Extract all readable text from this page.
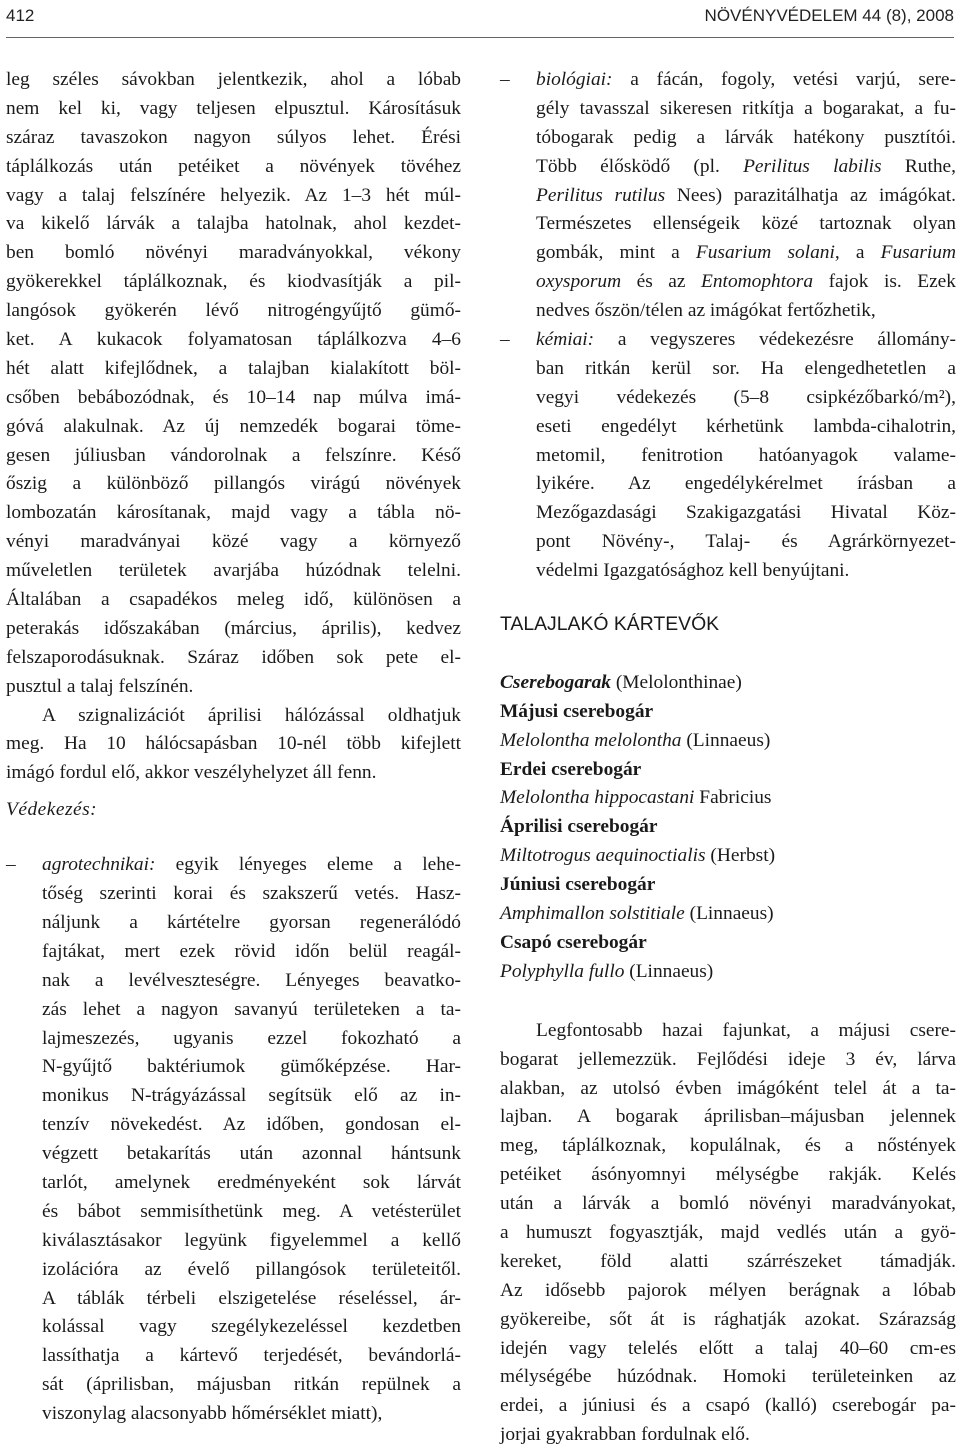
412	NÖVÉNYVÉDELEM 44 (8), 2008
leg széles sávokban jelentkezik, ahol a lóbab
nem kel ki, vagy teljesen elpusztul. Károsításuk
száraz tavaszokon nagyon súlyos lehet. Érési
táplálkozás után petéiket a növények tövéhez
vagy a talaj felszínére helyezik. Az 1–3 hét múl-
va kikelő lárvák a talajba hatolnak, ahol kezdet-
ben bomló növényi maradványokkal, vékony
gyökerekkel táplálkoznak, és kiodvasítják a pil-
langósok gyökerén lévő nitrogéngyűjtő gümő-
ket. A kukacok folyamatosan táplálkozva 4–6
hét alatt kifejlődnek, a talajban kialakított böl-
csőben bebábozódnak, és 10–14 nap múlva imá-
góvá alakulnak. Az új nemzedék bogarai tömе-
gesen júliusban vándorolnak a felszínre. Késő
őszig a különböző pillangós virágú növények
lombozatán károsítanak, majd vagy a tábla nö-
vényi maradványai közé vagy a környező
műveletlen területek avarjába húzódnak telelni.
Általában a csapadékos meleg idő, különösen a
peterakás időszakában (március, április), kedvez
felszaporodásuknak. Száraz időben sok pete el-
pusztul a talaj felszínén.
A szignalizációt áprilisi hálózással oldhatjuk
meg. Ha 10 hálócsapásban 10-nél több kifejlett
imágó fordul elő, akkor veszélyhelyzet áll fenn.
Védekezés:
–	agrotechnikai: egyik lényeges eleme a lehe-
tőség szerinti korai és szakszerű vetés. Hasz-
náljunk a kártételre gyorsan regenerálódó
fajtákat, mert ezek rövid időn belül reagál-
nak a levélveszteségre. Lényeges beavatko-
zás lehet a nagyon savanyú területeken a ta-
lajmeszezés, ugyanis ezzel fokozható a
N-gyűjtő baktériumok gümőképzése. Har-
monikus N-trágyázással segítsük elő az in-
tenzív növekedést. Az időben, gondosan el-
végzett betakarítás után azonnal hántsunk
tarlót, amelynek eredményeként sok lárvát
és bábot semmisíthetünk meg. A vetésterület
kiválasztásakor legyünk figyelemmel a kellő
izolációra az évelő pillangósok területeitől.
A táblák térbeli elszigetelése réseléssel, ár-
kolással vagy szegélykezeléssel kezdetben
lassíthatja a kártevő terjedését, bevándorlá-
sát (áprilisban, májusban ritkán repülnek a
viszonylag alacsonyabb hőmérséklet miatt),
–	biológiai: a fácán, fogoly, vetési varjú, sere-
gély tavasszal sikeresen ritkítja a bogarakat, a fu-
tóbogarak pedig a lárvák hatékony pusztítói.
Több élősködő (pl. Perilitus labilis Ruthe,
Perilitus rutilus Nees) parazitálhatja az imágókat.
Természetes ellenségeik közé tartoznak olyan
gombák, mint a Fusarium solani, a Fusarium
oxysporum és az Entomophtora fajok is. Ezek
nedves őszön/télen az imágókat fertőzhetik,
–	kémiai: a vegyszeres védekezésre állomány-
ban ritkán kerül sor. Ha elengedhetetlen a
vegyi védekezés (5–8 csipkézőbarkó/m²),
eseti engedélyt kérhetünk lambda-cihalotrin,
metomil, fenitrotion hatóanyagok valame-
lyikére. Az engedélykérelmet írásban a
Mezőgazdasági Szakigazgatási Hivatal Köz-
pont Növény-, Talaj- és Agrárkörnyezet-
védelmi Igazgatósághoz kell benyújtani.
TALAJLAKÓ KÁRTEVŐK
Cserebogarak (Melolonthinae)
Májusi cserebogár
Melolontha melolontha (Linnaeus)
Erdei cserebogár
Melolontha hippocastani Fabricius
Áprilisi cserebogár
Miltotrogus aequinoctialis (Herbst)
Júniusi cserebogár
Amphimallon solstitiale (Linnaeus)
Csapó cserebogár
Polyphylla fullo (Linnaeus)
Legfontosabb hazai fajunkat, a májusi csere-
bogarat jellemezzük. Fejlődési ideje 3 év, lárva
alakban, az utolsó évben imágóként telel át a ta-
lajban. A bogarak áprilisban–májusban jelennek
meg, táplálkoznak, kopulálnak, és a nőstények
petéiket ásónyomnyi mélységbe rakják. Kelés
után a lárvák a bomló növényi maradványokat,
a humuszt fogyasztják, majd vedlés után a gyö-
kereket, föld alatti szárrészeket támadják.
Az idősebb pajorok mélyen berágnak a lóbab
gyökereibe, sőt át is rághatják azokat. Szárazság
idején vagy telelés előtt a talaj 40–60 cm-es
mélységébe húzódnak. Homoki területeinken az
erdei, a júniusi és a csapó (kalló) cserebogár pa-
jorjai gyakrabban fordulnak elő.
